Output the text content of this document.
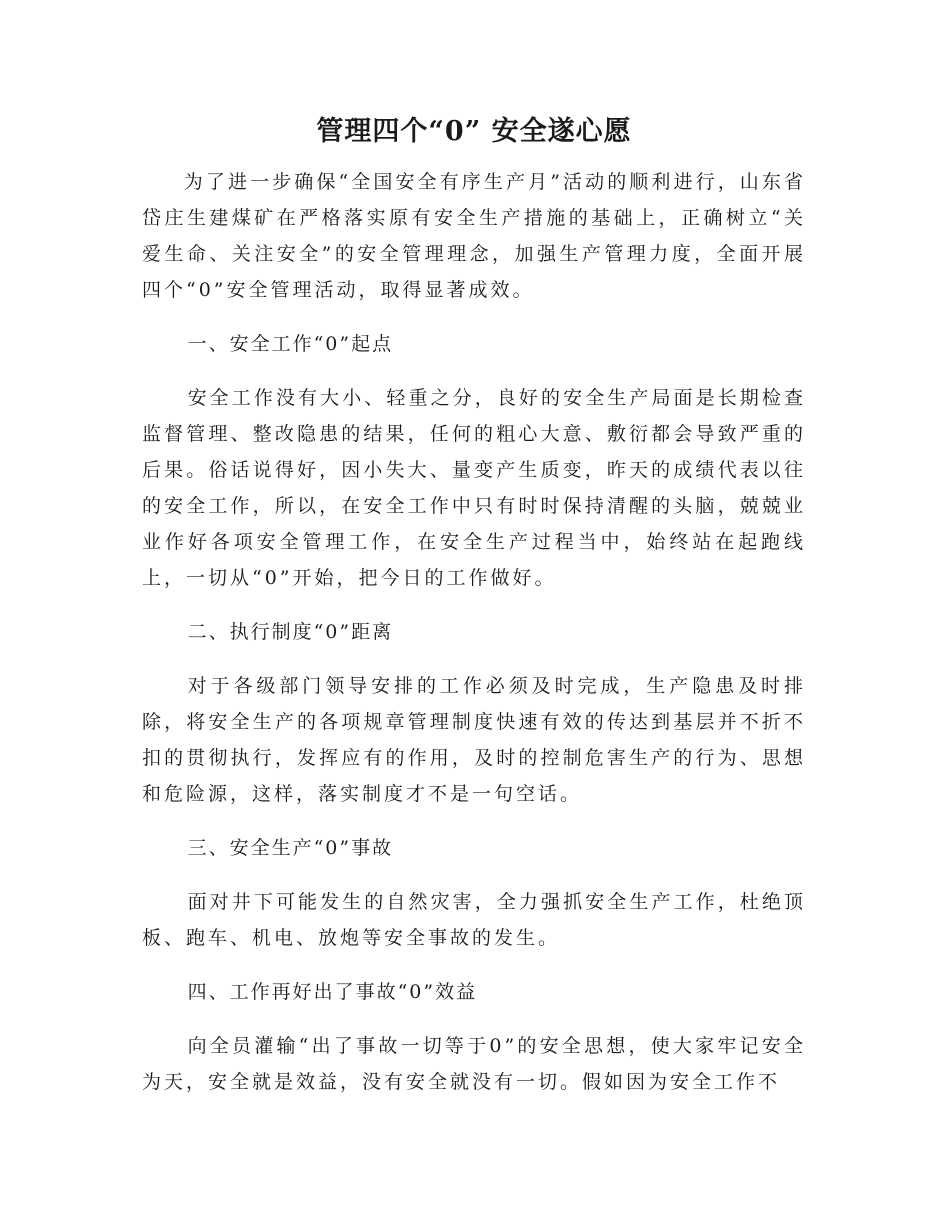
管理四个“0” 安全遂心愿

为了进一步确保“全国安全有序生产月”活动的顺利进行，山东省岱庄生建煤矿在严格落实原有安全生产措施的基础上，正确树立“关爱生命、关注安全”的安全管理理念，加强生产管理力度，全面开展四个“0”安全管理活动，取得显著成效。

一、安全工作“0”起点

安全工作没有大小、轻重之分，良好的安全生产局面是长期检查监督管理、整改隐患的结果，任何的粗心大意、敷衍都会导致严重的后果。俗话说得好，因小失大、量变产生质变，昨天的成绩代表以往的安全工作，所以，在安全工作中只有时时保持清醒的头脑，兢兢业业作好各项安全管理工作，在安全生产过程当中，始终站在起跑线上，一切从“0”开始，把今日的工作做好。

二、执行制度“0”距离

对于各级部门领导安排的工作必须及时完成，生产隐患及时排除，将安全生产的各项规章管理制度快速有效的传达到基层并不折不扣的贯彻执行，发挥应有的作用，及时的控制危害生产的行为、思想和危险源，这样，落实制度才不是一句空话。

三、安全生产“0”事故

面对井下可能发生的自然灾害，全力强抓安全生产工作，杜绝顶板、跑车、机电、放炮等安全事故的发生。

四、工作再好出了事故“0”效益

向全员灌输“出了事故一切等于0”的安全思想，使大家牢记安全为天，安全就是效益，没有安全就没有一切。假如因为安全工作不
